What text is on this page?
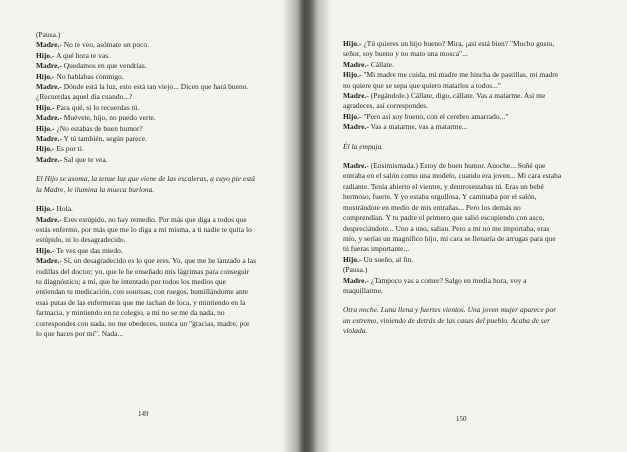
(Pausa.)
Madre.- No te veo, asómate un poco.
Hijo.- A qué hora te vas.
Madre.- Quedamos en que vendrías.
Hijo.- No hablabas conmigo.
Madre.- Dónde está la luz, esto está tan viejo... Dicen que hará bueno.
¿Recuerdas aquel día cuando...?
Hijo.- Para qué, si lo recuerdas tú.
Madre.- Muévete, hijo, no puedo verte.
Hijo.- ¿No estabas de buen humor?
Madre.- Y tú también, según parece.
Hijo.- Es por ti.
Madre.- Sal que te vea.
El Hijo se asoma, la tenue luz que viene de las escaleras, a cuyo pie está
la Madre, le ilumina la mueca burlona.
Hijo.- Hola.
Madre.- Eres estúpido, no hay remedio. Por más que diga a todos que
estás enfermo, por más que me lo diga a mí misma, a ti nadie te quita lo
estúpido, ni lo desagradecido.
Hijo.- Te ves que das miedo.
Madre.- Sí, un desagradecido es lo que eres. Yo, que me he lanzado a las
rodillas del doctor; yo, que le he enseñado mis lágrimas para conseguir
tu diagnóstico; a mí, que he intentado por todos los medios que
entiendan tu medicación, con sonrisas, con ruegos, humillándome ante
esas putas de las enfermeras que me tachan de loca, y mintiendo en la
farmacia, y mintiendo en tu colegio, a mí no se me da nada, no
correspondes con nada, no me obedeces, nunca un "gracias, madre, por
lo que haces por mí". Nada...
149
Hijo.- ¿Tú quieres un hijo bueno? Mira, ¡así está bien? "Mucho gusto,
señor, soy bueno y no mato una mosca"...
Madre.- Cállate.
Hijo.- "Mi madre me cuida, mi madre me hincha de pastillas, mi madre
no quiere que se sepa que quiero matarlos a todos..."
Madre.- (Pegándole.) Cállate, digo, cállate. Vas a matarme. Así me
agradeces, así correspondes.
Hijo.- "Pero así soy bueno, con el cerebro amarrado..."
Madre.- Vas a matarme, vas a matarme...
Él la empuja.
Madre.- (Ensimismada.) Estoy de buen humor. Anoche... Soñé que
entraba en el salón como una modelo, cuando era joven... Mi cara estaba
radiante. Tenía abierto el vientre, y dentrosestabas tú. Eras un bebé
hermoso, fuerte. Y yo estaba orgullosa. Y caminaba por el salón,
mostrándote en medio de mis entrañas... Pero los demás no
comprendían. Y tu padre el primero que salió escupiendo con asco,
despreciándote... Uno a uno, salían. Pero a mí no me importaba, eras
mío, y serías un magnífico hijo, mi cara se llenaría de arrugas para que
tú fueras importante...
Hijo.- Un sueño, al fin.
(Pausa.)
Madre.- ¿Tampoco vas a comer? Salgo en media hora, voy a
maquillarme.
Otra noche. Luna llena y fuertes vientos. Una joven mujer aparece por
un extremo, viniendo de detrás de las casas del pueblo. Acaba de ser
violada.
150
